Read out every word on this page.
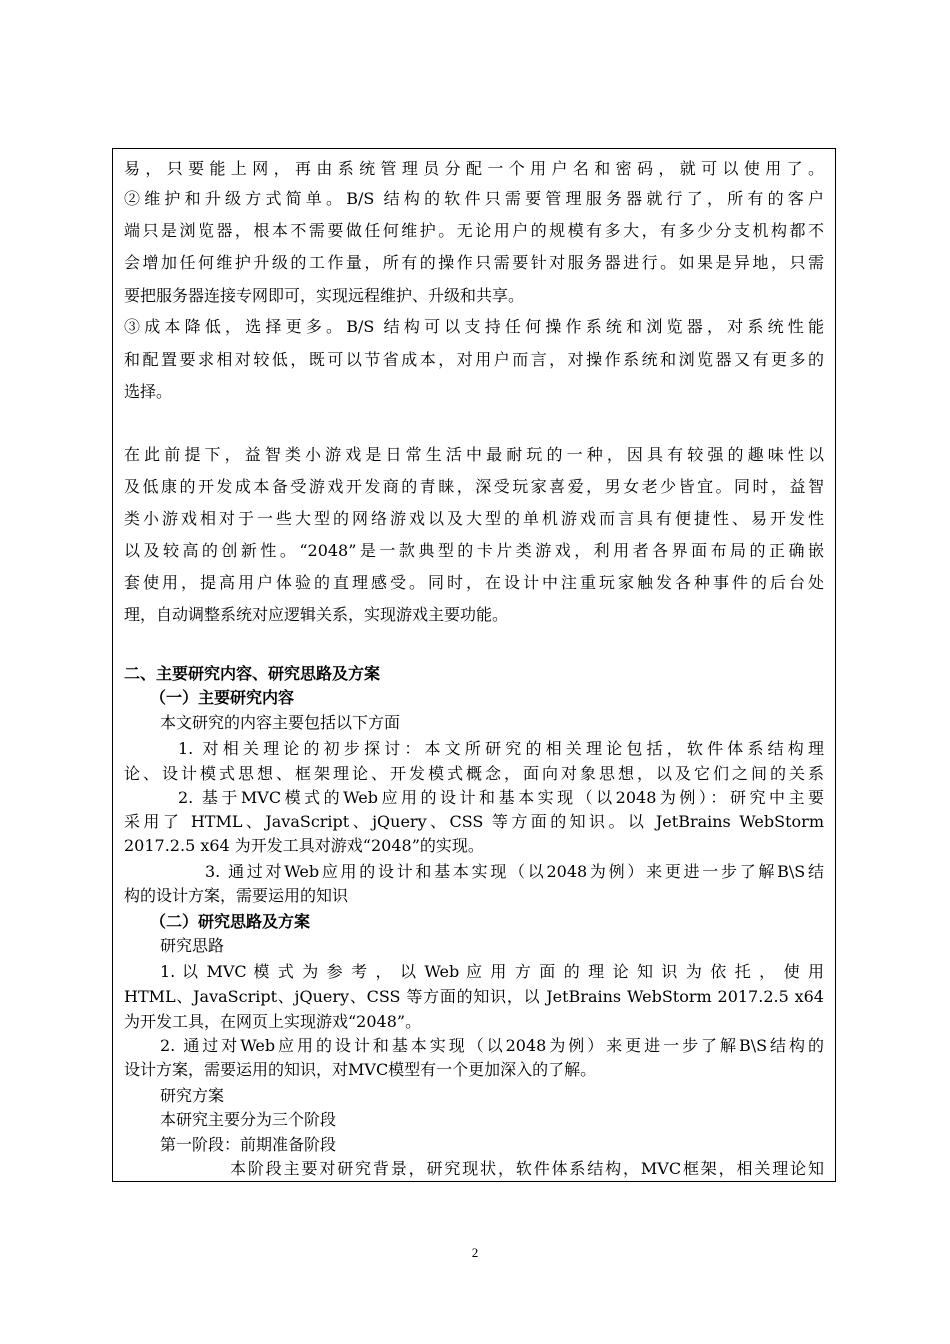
易，只要能上网，再由系统管理员分配一个用户名和密码，就可以使用了。
②维护和升级方式简单。B/S 结构的软件只需要管理服务器就行了，所有的客户
端只是浏览器，根本不需要做任何维护。无论用户的规模有多大，有多少分支机构都不
会增加任何维护升级的工作量，所有的操作只需要针对服务器进行。如果是异地，只需
要把服务器连接专网即可，实现远程维护、升级和共享。
③成本降低，选择更多。B/S 结构可以支持任何操作系统和浏览器，对系统性能
和配置要求相对较低，既可以节省成本，对用户而言，对操作系统和浏览器又有更多的
选择。
在此前提下，益智类小游戏是日常生活中最耐玩的一种，因具有较强的趣味性以
及低康的开发成本备受游戏开发商的青睐，深受玩家喜爱，男女老少皆宜。同时，益智
类小游戏相对于一些大型的网络游戏以及大型的单机游戏而言具有便捷性、易开发性
以及较高的创新性。“2048”是一款典型的卡片类游戏，利用者各界面布局的正确嵌
套使用，提高用户体验的直理感受。同时，在设计中注重玩家触发各种事件的后台处
理，自动调整系统对应逻辑关系，实现游戏主要功能。
二、主要研究内容、研究思路及方案
（一）主要研究内容
本文研究的内容主要包括以下方面
1. 对相关理论的初步探讨：本文所研究的相关理论包括，软件体系结构理
论、设计模式思想、框架理论、开发模式概念，面向对象思想，以及它们之间的关系
2. 基于MVC模式的Web应用的设计和基本实现（以2048为例）：研究中主要
采用了 HTML、JavaScript、jQuery、CSS 等方面的知识。以 JetBrains WebStorm
2017.2.5 x64 为开发工具对游戏“2048”的实现。
3. 通过对Web应用的设计和基本实现（以2048为例）来更进一步了解B\S结
构的设计方案，需要运用的知识
（二）研究思路及方案
研究思路
1. 以 MVC 模 式 为 参 考 ， 以 Web 应 用 方 面 的 理 论 知 识 为 依 托 ， 使 用
HTML、JavaScript、jQuery、CSS 等方面的知识，以 JetBrains WebStorm 2017.2.5 x64
为开发工具，在网页上实现游戏“2048”。
2. 通过对Web应用的设计和基本实现（以2048为例）来更进一步了解B\S结构的
设计方案，需要运用的知识，对MVC模型有一个更加深入的了解。
研究方案
本研究主要分为三个阶段
第一阶段：前期准备阶段
本阶段主要对研究背景，研究现状，软件体系结构，MVC框架，相关理论知
2
